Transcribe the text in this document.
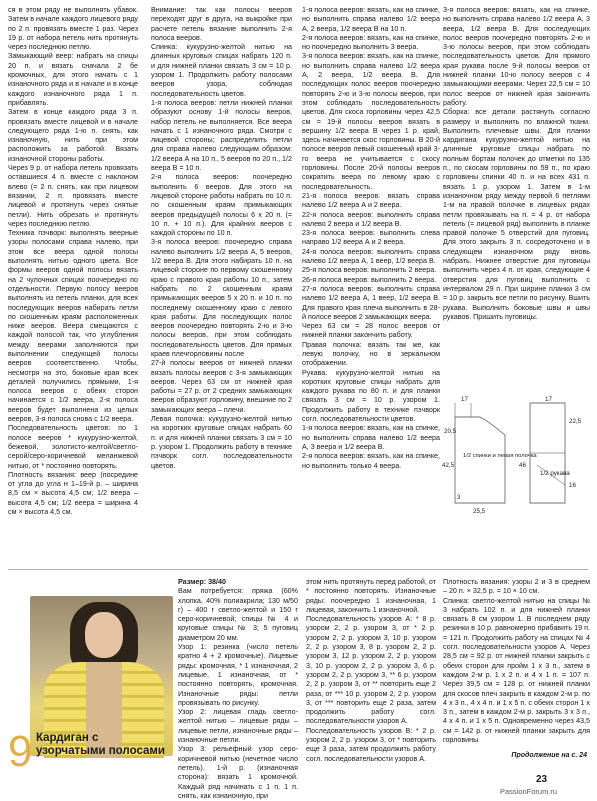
ся в этом ряду не выполнять убавок. Затем в начале каждого лицевого ряду по 2 п. провязать вместе 1 раз. Через 19 р. от набора петель нить протянуть через последнюю петлю.

Замыкающий веер: набрать на спицы 20 п. и вязать сначала 2 бе кромочных, для этого начать с 1 изнаночного ряда и в начале и в конце каждого изнаночного ряда 1 п. прибавлять.

Затем в конце каждого ряда 3 п. провязать вместе лицевой и в начале следующего ряда 1-ю п. снять, как изнаночную, нить при этом расположить за работой. Вязать изнаночной стороны работы.

Через 9 р. от набора петель провязать оставшиеся 4 п. вместе с наклоном влево (= 2 п. снять, как при лицевом вязании, 2 п. провязать вместе лицевой и протянуть через снятые петли). Нить обрезать и протянуть через последнюю петлю.

Техника пэчворк: выполнять веерные узоры полосами справа налево, при этом все веера одной полосы выполнять нитью одного цвета. Все формы вееров одной полосы вязать на 2 чулочных спицах поочередно по отдельности. Первую полосу вееров выполнять из петель планки, для всех последующих вееров набирать петли по скошенным краям расположенных ниже вееров. Веера смещаются с каждой полосой так, что углубления между веерами заполняются при выполнении следующей полосы вееров соответственно. Чтобы, несмотря на это, боковые края всех деталей получились прямыми, 1-я полоса вееров с обеих сторон начинается с 1/2 веера, 2-я полоса вееров будет выполнена из целых вееров, 3-я полоса снова с 1/2 веера.

Последовательность цветов: по 1 полосе вееров * кукурузно-желтой, бежевой, золотисто-желтой/светло-серой/серо-коричневой меланжевой нитью, от * постоянно повторять.

Плотность вязания: веер (посредине от угла до угла н 1–19-й р. – ширина 8,5 см × высота 4,5 см; 1/2 веера – высота 4,5 см; 1/2 веера = ширина 4 см × высота 4,5 см.

Внимание: так как полосы вееров переходят друг в друга, на выкройке при расчете петель вязание выполнить 2-я полоса вееров.

Спинка: кукурузно-желтой нитью на длинных круговых спицах набрать 120 п. и для нижней планки связать 3 см = 10 р. узором 1. Продолжить работу полосами вееров узора, соблюдая последовательность цветов.

1-я полоса вееров: петли нижней планки образуют основу 1-й полосы вееров, набор петель не выполняется. Все веера начать с 1 изнаночного ряда. Смотри с лицевой стороны; распределить петли для справа налево следующим образом: 1/2 веера А на 10 п., 5 вееров по 20 п., 1/2 веера В = 10 п.

2-я полоса вееров: поочередно выполнить 6 вееров. Для этого на лицевой стороне работы набрать по 10 п. по скошенным краям примыкающих вееров предыдущей полосы 6 х 20 п. (= 10 п. + 10 п.). Для крайних вееров с каждой стороны по 10 п.

3-я полоса вееров: поочередно справа налево выполнить 1/2 веера А, 5 вееров, 1/2 веера В. Для этого набирать 10 п. на лицевой стороне по первому скошенному краю с правого края работы 10 п., затем набрать по 2 скошенным краям примыкающих вееров 5 х 20 п. и 10 п. по последнему скошенному краю с левого края работы. Для последующих полос вееров поочередно повторять 2-ю и 3-ю полосы вееров, при этом соблюдать последовательность цветов. Для прямых краев плечгорловины после

27-й полосы вееров от нижней планки вязать полосы вееров с 3-я замыкающих вееров. Через 63 см от нижней края работы = 27 р. от 2 средних замыкающих вееров образуют горловину, внешние по 2 замыкающих веера – плечи.

Левая полочка: кукурузно-желтой нитью на коротких круговые спицах набрать 60 п. и для нижней планки связать 3 см = 10 р. узором 1. Продолжить работу в технике пэчворк согл. последовательности цветов.

1-я полоса вееров: вязать, как на спинке, но выполнить справа налево 1/2 веера А, 2 веера, 1/2 веера В на 10 п.

2-я полоса вееров: вязать, как на спинке, но поочередно выполнить 3 веера.

3-я полоса вееров: вязать, как на спинке, но выполнить справа налево 1/2 веера А, 2 веера, 1/2 веера В. Для последующих полос вееров поочередно повторять 2-ю и 3-ю полосы вееров, при этом соблюдать последовательность цветов. Для скоса горловины через 42,5 см = 19-й полосы вееров вязать в вершину 1/2 веера В через 1 р. край, здесь начинается скос горловины. В 20-й полосе вееров левый скошенный край 3-го веера не учитывается с скосу горловины. После 20-й полосы вееров сократить веера по левому краю с последовательность.

21-я полоса вееров: вязать справа налево 1/2 веера А и 2 веера.

22-я полоса вееров: выполнить справа налево 2 веера и 1/2 веера В.

23-я полоса вееров: выполнить слева направо 1/2 веера А и 2 веера.

24-я полоса вееров: выполнить справа налево 1/2 веера А, 1 веер, 1/2 веера В.

25-я полоса вееров: выполнить 2 веера.

26-я полоса вееров: выполнить 2 веера.

27-я полоса вееров: выполнить справа налево 1/2 веера А, 1 веер, 1/2 веера В. Для правого края плеча выполнить в 28-й полосе вееров 2 замыкающих веера.

Через 63 см = 28 полос вееров от нижней планки закончить работу.

Правая полочка: вязать так же, как левую полочку, но в зеркальном отображении.

Рукава: кукурузно-желтой нитью на коротких круговые спицы набрать для каждого рукава по 80 п. и для планки связать 3 см = 10 р. узором 1. Продолжить работу в технике пэчворк согл. последовательности цветов.

1-я полоса вееров: вязать, как на спинке, но выполнить справа налево 1/2 веера А, 3 веера и 1/2 веера В.

2-я полоса вееров: вязать, как на спинке, но выполнить только 4 веера.

3-я полоса вееров: вязать, как на спинке, но выполнить справа налево 1/2 веера А, 3 веера, 1/2 веера В. Для последующих полос вееров поочередно повторять 2-ю и 3-ю полосы вееров, при этом соблюдать последовательность цветов. Для прямого края рукава после 9-й полосы вееров от нижней планки 10-ю полосу вееров с 4 замыкающими веерами. Через 22,5 см = 10 полос вееров от нижней края закончить работу.

Сборка: все детали растянуть согласно размеру и выполнить по влажной ткани. Выполнить плечевые швы. Для планки кардигана кукурузно-желтой нитью на длинные круговые спицы набрать по полным бортам полочек до отметки по 135 п., по скосам горловины по 59 п., по краю горловины спинки 40 п. и на всех 431 п. вязать 1 р. узором 1. Затем в 1-м изнаночном ряду между первой 6 петлями 1-м на правой полочке в лицевых рядах петли провязывать на п. = 4 р. от набора петель (= лицевой ряд) выполнить в планке правой полочке 5 отверстий для пуговиц. Для этого закрыть 3 п. сосредоточено и в следующем изнаночном ряду вновь набрать. Нижнее отверстие для пуговицы выполнить через 4 п. от края, следующие 4 отверстия для пуговиц выполнить с интервалом 29 п. При ширине планки 3 см = 10 р. закрыть все петли по рисунку. Вшить рукава. Выполнить боковые швы и швы рукавов. Пришить пуговицы.

17
20,5
42,5
1/2 спинки и левая полочка
3
25,5
17
22,5
46
1/2 рукава
16
9 Кардиган с узорчатыми полосами

Размер: 38/40

Вам потребуется: пряжа (60% хлопка, 40% полиакрила; 130 м/50 г) – 400 г светло-желтой и 150 г серо-коричневой; спицы № 4 и круговые спицы № 3; 5 пуговиц диаметром 20 мм.

Узор 1: резинка (число петель кратно 4 + 2 кромочные). Лицевые ряды: кромочная, * 1 изнаночная, 2 лицевые, 1 изнаночная, от * постоянно повторять, кромочная. Изнаночные ряды: петли провязывать по рисунку.

Узор 2: лицевая гладь светло-желтой нитью – лицевые ряды – лицевые петли, изнаночные ряды – изнаночные петли.

Узор 3: рельефный узор серо-коричневой нитью (нечетное число петель). 1-й р. (изнаночная сторона): вязать 1 кромочной. Каждый ряд начинать с 1 п. 1 п. снять, как изнаночную, при

этом нить протянуть перед работой, от * постоянно повторять. Изнаночные ряды: поочередно 1 изнаночная, 1 лицевая, закончить 1 изнаночной.

Последовательность узоров А: * 8 р. узором 2, 2 р. узором 3, от * 2 р. узором 2, 2 р. узором 3, 10 р. узором 2, 2 р. узором 3, 8 р. узором 2, 2 р. узором 3, 12 р. узором 2, 2 р. узором 3, 10 р. узором 2, 2 р. узором 3, 6 р. узором 2, 2 р. узором 3, ** 6 р. узором 2, 2 р. узором 3, от ** повторить еще 2 раза, от *** 10 р. узором 2, 2 р. узором 3, от *** повторить еще 2 раза, затем продолжить работу согл. последовательности узоров А.

Последовательность узоров В: * 2 р. узором 2, 2 р. узором 3, от * повторить еще 3 раза, затем продолжить работу согл. последовательности узоров А.

Плотность вязания: узоры 2 и 3 в среднем – 20 п. × 32,5 р. = 10 × 10 см.

Спинка: светло-желтой нитью на спицы № 3 набрать 102 п. и для нижней планки связать 8 см узором 1. В последнем ряду резинки в 10 р. равномерно прибавить 19 п. = 121 п. Продолжить работу на спицах № 4 согл. последовательности узоров А. Через 28,5 см = 92 р. от нижней планки закрыть с обеих сторон для пройм 1 х 3 п., затем в каждом 2-м р. 1 х 2 п. и 4 х 1 п. = 107 п. Через 39,5 см = 128 р. от нижней планки для скосов плеч закрыть в каждом 2-м р. по 4 х 3 п., 4 х 4 п. и 1 х 5 п. с обеих сторон 1 х 3 п., затем в каждом 2-м р. закрыть 3 х 3 п., 4 х 4 п. и 1 х 5 п. Одновременно через 43,5 см = 142 р. от нижней планки закрыть для горловины

Продолжение на с. 24
23
PassionForum.ru
